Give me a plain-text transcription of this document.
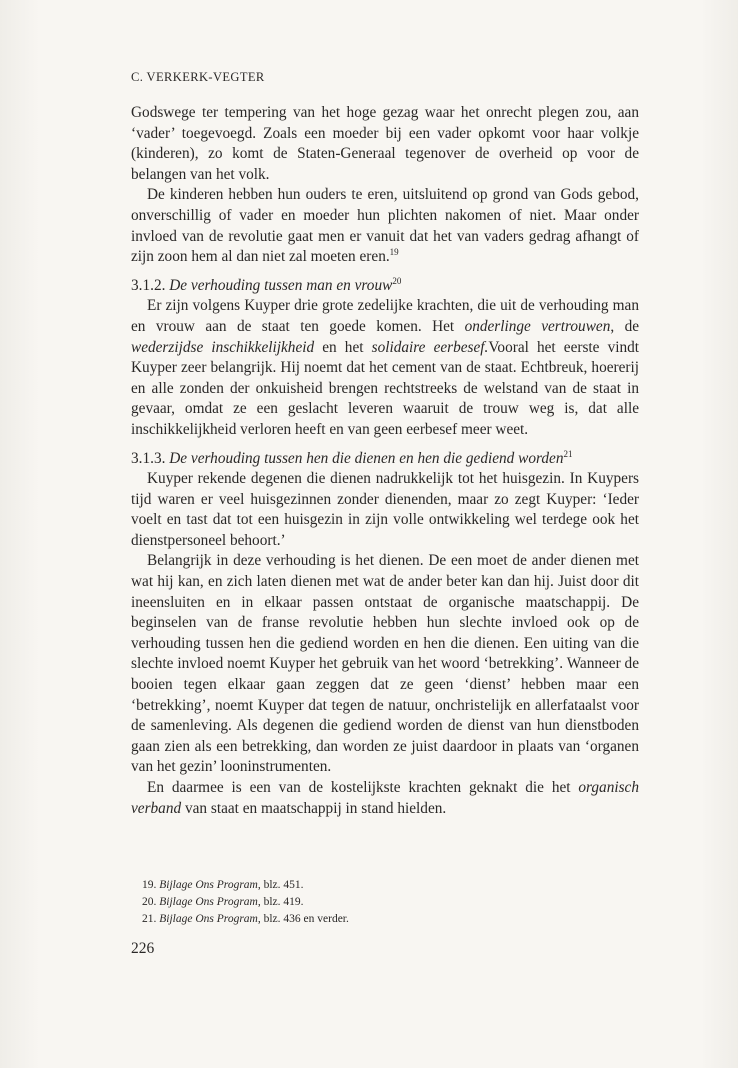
C. VERKERK-VEGTER

Godswege ter tempering van het hoge gezag waar het onrecht plegen zou, aan ‘vader’ toegevoegd. Zoals een moeder bij een vader opkomt voor haar volkje (kinderen), zo komt de Staten-Generaal tegenover de overheid op voor de belangen van het volk.

De kinderen hebben hun ouders te eren, uitsluitend op grond van Gods gebod, onverschillig of vader en moeder hun plichten nakomen of niet. Maar onder invloed van de revolutie gaat men er vanuit dat het van vaders gedrag afhangt of zijn zoon hem al dan niet zal moeten eren.$^{19}$

3.1.2. De verhouding tussen man en vrouw$^{20}$

Er zijn volgens Kuyper drie grote zedelijke krachten, die uit de verhouding man en vrouw aan de staat ten goede komen. Het onderlinge vertrouwen, de wederzijdse inschikkelijkheid en het solidaire eerbesef.Vooral het eerste vindt Kuyper zeer belangrijk. Hij noemt dat het cement van de staat. Echtbreuk, hoererij en alle zonden der onkuisheid brengen rechtstreeks de welstand van de staat in gevaar, omdat ze een geslacht leveren waaruit de trouw weg is, dat alle inschikkelijkheid verloren heeft en van geen eerbesef meer weet.

3.1.3. De verhouding tussen hen die dienen en hen die gediend worden$^{21}$

Kuyper rekende degenen die dienen nadrukkelijk tot het huisgezin. In Kuypers tijd waren er veel huisgezinnen zonder dienenden, maar zo zegt Kuyper: ‘Ieder voelt en tast dat tot een huisgezin in zijn volle ontwikkeling wel terdege ook het dienstpersoneel behoort.’

Belangrijk in deze verhouding is het dienen. De een moet de ander dienen met wat hij kan, en zich laten dienen met wat de ander beter kan dan hij. Juist door dit ineensluiten en in elkaar passen ontstaat de organische maatschappij. De beginselen van de franse revolutie hebben hun slechte invloed ook op de verhouding tussen hen die gediend worden en hen die dienen. Een uiting van die slechte invloed noemt Kuyper het gebruik van het woord ‘betrekking’. Wanneer de booien tegen elkaar gaan zeggen dat ze geen ‘dienst’ hebben maar een ‘betrekking’, noemt Kuyper dat tegen de natuur, onchristelijk en allerfataalst voor de samenleving. Als degenen die gediend worden de dienst van hun dienstboden gaan zien als een betrekking, dan worden ze juist daardoor in plaats van ‘organen van het gezin’ looninstrumenten.

En daarmee is een van de kostelijkste krachten geknakt die het organisch verband van staat en maatschappij in stand hielden.

19. Bijlage Ons Program, blz. 451.
20. Bijlage Ons Program, blz. 419.
21. Bijlage Ons Program, blz. 436 en verder.
226
